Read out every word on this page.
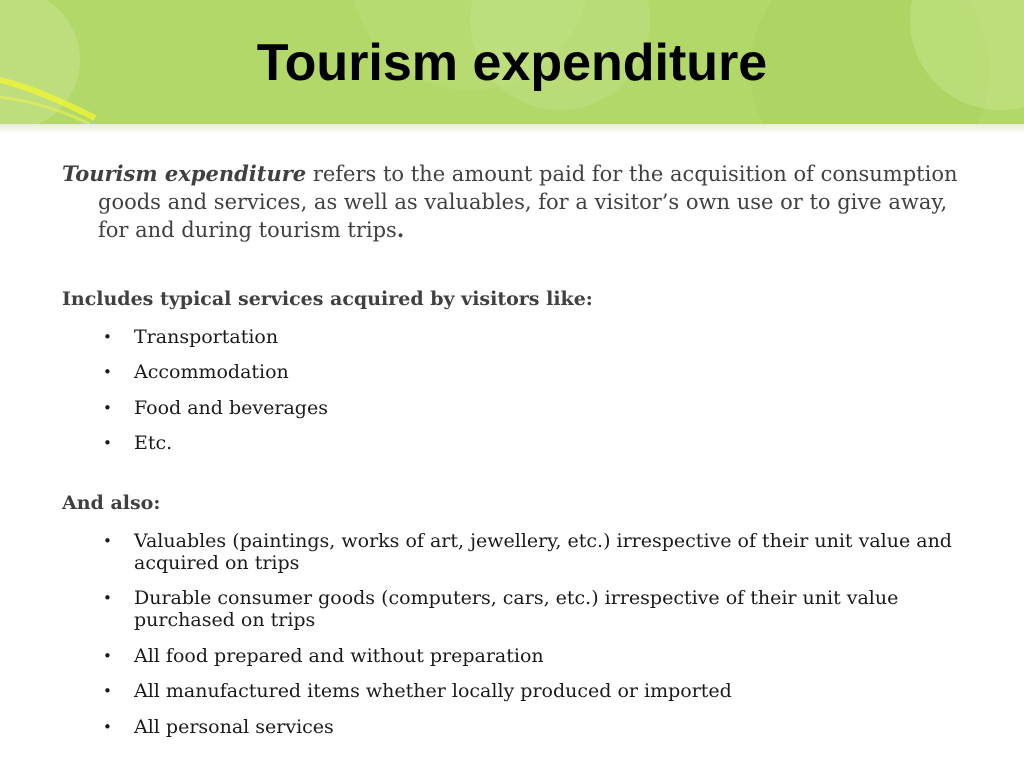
Tourism expenditure

Tourism expenditure refers to the amount paid for the acquisition of consumption goods and services, as well as valuables, for a visitor’s own use or to give away, for and during tourism trips.

Includes typical services acquired by visitors like:

• Transportation
• Accommodation
• Food and beverages
• Etc.

And also:

• Valuables (paintings, works of art, jewellery, etc.) irrespective of their unit value and acquired on trips
• Durable consumer goods (computers, cars, etc.) irrespective of their unit value purchased on trips
• All food prepared and without preparation
• All manufactured items whether locally produced or imported
• All personal services
